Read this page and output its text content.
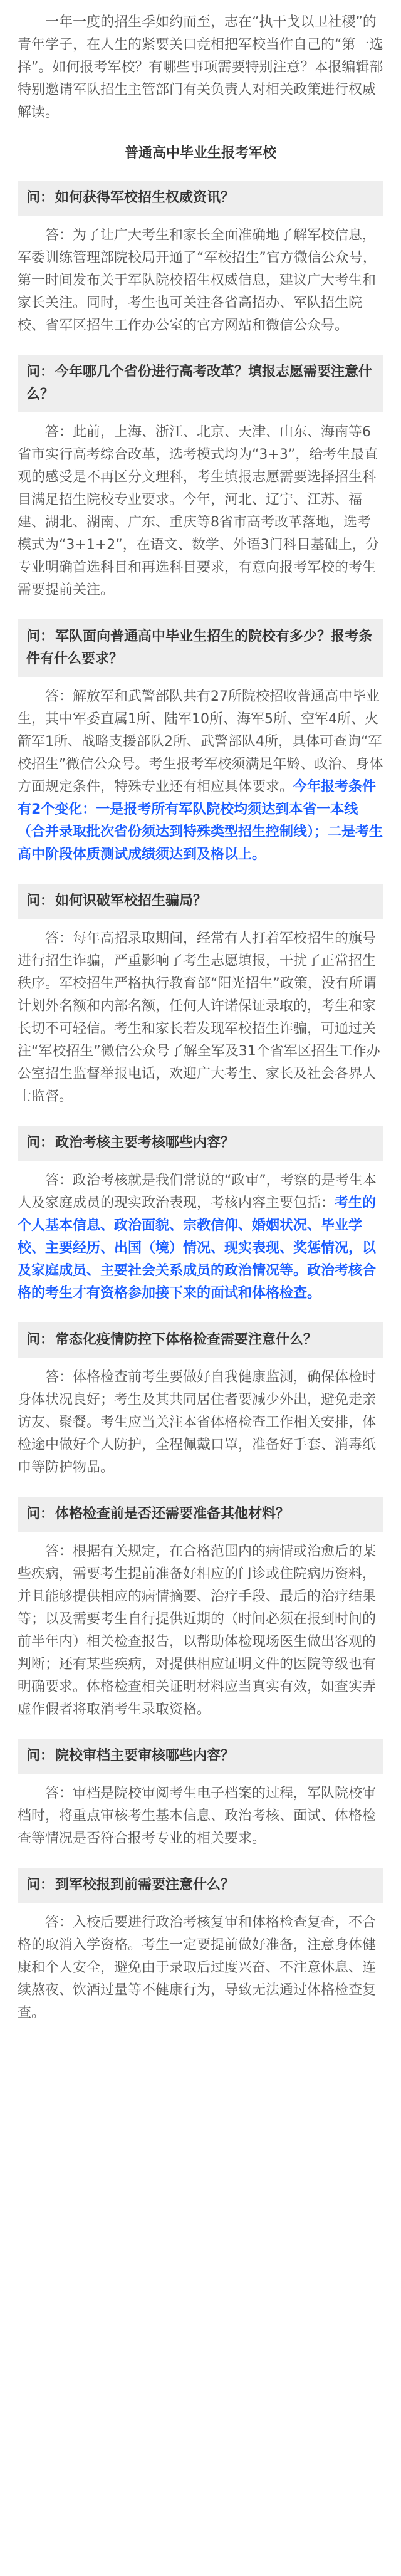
一年一度的招生季如约而至，志在“执干戈以卫社稷”的青年学子，在人生的紧要关口竞相把军校当作自己的“第一选择”。如何报考军校？有哪些事项需要特别注意？本报编辑部特别邀请军队招生主管部门有关负责人对相关政策进行权威解读。

普通高中毕业生报考军校
问：如何获得军校招生权威资讯？

答：为了让广大考生和家长全面准确地了解军校信息，军委训练管理部院校局开通了“军校招生”官方微信公众号，第一时间发布关于军队院校招生权威信息，建议广大考生和家长关注。同时，考生也可关注各省高招办、军队招生院校、省军区招生工作办公室的官方网站和微信公众号。

问：今年哪几个省份进行高考改革？填报志愿需要注意什么？

答：此前，上海、浙江、北京、天津、山东、海南等6省市实行高考综合改革，选考模式均为“3+3”，给考生最直观的感受是不再区分文理科，考生填报志愿需要选择招生科目满足招生院校专业要求。今年，河北、辽宁、江苏、福建、湖北、湖南、广东、重庆等8省市高考改革落地，选考模式为“3+1+2”，在语文、数学、外语3门科目基础上，分专业明确首选科目和再选科目要求，有意向报考军校的考生需要提前关注。

问：军队面向普通高中毕业生招生的院校有多少？报考条件有什么要求？

答：解放军和武警部队共有27所院校招收普通高中毕业生，其中军委直属1所、陆军10所、海军5所、空军4所、火箭军1所、战略支援部队2所、武警部队4所，具体可查询“军校招生”微信公众号。考生报考军校须满足年龄、政治、身体方面规定条件，特殊专业还有相应具体要求。今年报考条件有2个变化：一是报考所有军队院校均须达到本省一本线（合并录取批次省份须达到特殊类型招生控制线）；二是考生高中阶段体质测试成绩须达到及格以上。

问：如何识破军校招生骗局？

答：每年高招录取期间，经常有人打着军校招生的旗号进行招生诈骗，严重影响了考生志愿填报，干扰了正常招生秩序。军校招生严格执行教育部“阳光招生”政策，没有所谓计划外名额和内部名额，任何人许诺保证录取的，考生和家长切不可轻信。考生和家长若发现军校招生诈骗，可通过关注“军校招生”微信公众号了解全军及31个省军区招生工作办公室招生监督举报电话，欢迎广大考生、家长及社会各界人士监督。

问：政治考核主要考核哪些内容？

答：政治考核就是我们常说的“政审”，考察的是考生本人及家庭成员的现实政治表现，考核内容主要包括：考生的个人基本信息、政治面貌、宗教信仰、婚姻状况、毕业学校、主要经历、出国（境）情况、现实表现、奖惩情况，以及家庭成员、主要社会关系成员的政治情况等。政治考核合格的考生才有资格参加接下来的面试和体格检查。

问：常态化疫情防控下体格检查需要注意什么？

答：体格检查前考生要做好自我健康监测，确保体检时身体状况良好；考生及其共同居住者要减少外出，避免走亲访友、聚餐。考生应当关注本省体格检查工作相关安排，体检途中做好个人防护，全程佩戴口罩，准备好手套、消毒纸巾等防护物品。

问：体格检查前是否还需要准备其他材料？

答：根据有关规定，在合格范围内的病情或治愈后的某些疾病，需要考生提前准备好相应的门诊或住院病历资料，并且能够提供相应的病情摘要、治疗手段、最后的治疗结果等；以及需要考生自行提供近期的（时间必须在报到时间的前半年内）相关检查报告，以帮助体检现场医生做出客观的判断；还有某些疾病，对提供相应证明文件的医院等级也有明确要求。体格检查相关证明材料应当真实有效，如查实弄虚作假者将取消考生录取资格。

问：院校审档主要审核哪些内容？

答：审档是院校审阅考生电子档案的过程，军队院校审档时，将重点审核考生基本信息、政治考核、面试、体格检查等情况是否符合报考专业的相关要求。

问：到军校报到前需要注意什么？

答：入校后要进行政治考核复审和体格检查复查，不合格的取消入学资格。考生一定要提前做好准备，注意身体健康和个人安全，避免由于录取后过度兴奋、不注意休息、连续熬夜、饮酒过量等不健康行为，导致无法通过体格检查复查。
